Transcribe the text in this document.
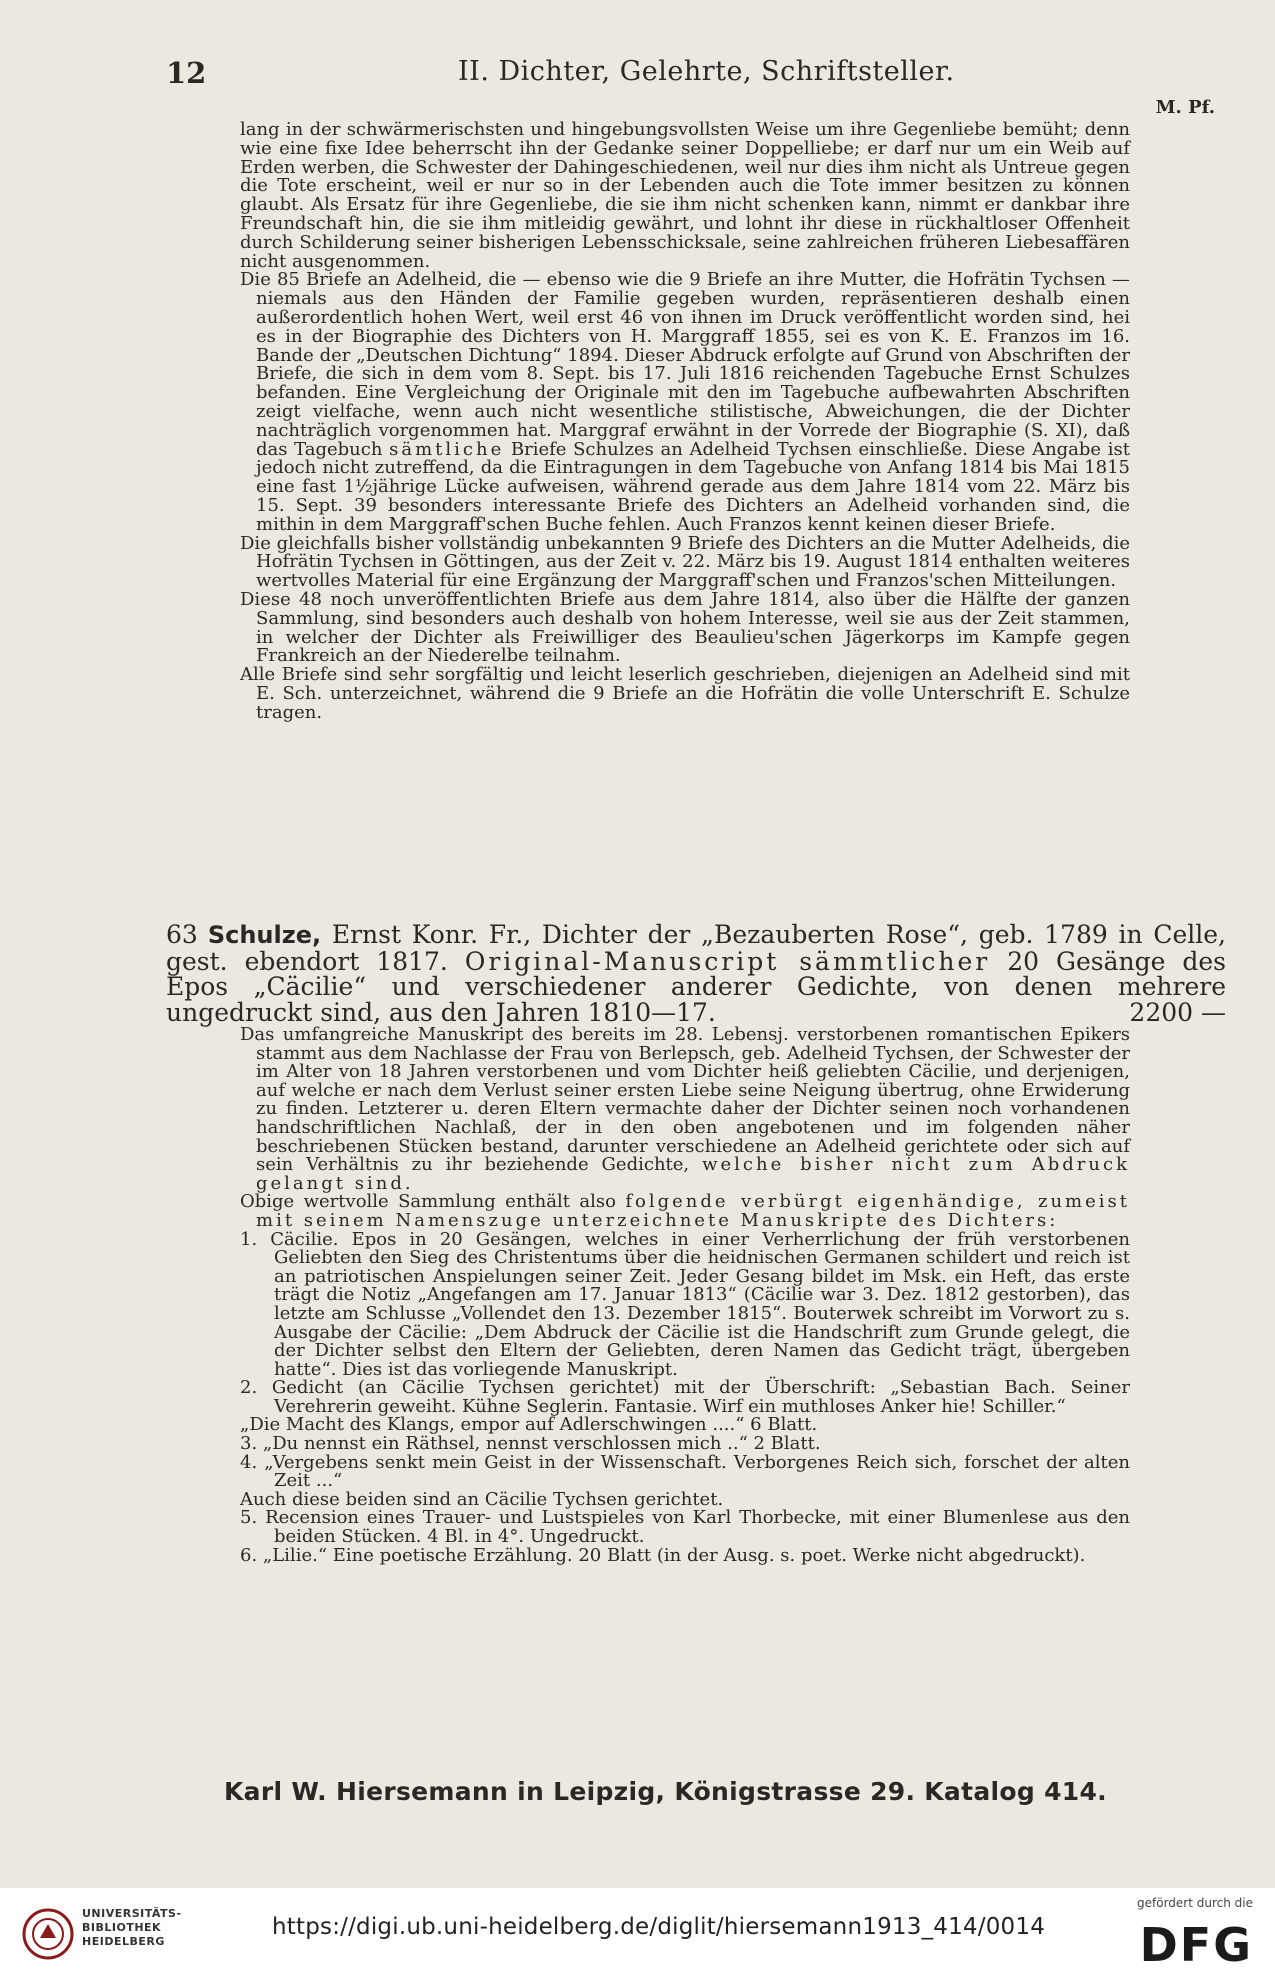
12	II. Dichter, Gelehrte, Schriftsteller.
M. Pf.

lang in der schwärmerischsten und hingebungsvollsten Weise um ihre Gegenliebe bemüht; denn wie eine fixe Idee beherrscht ihn der Gedanke seiner Doppelliebe; er darf nur um ein Weib auf Erden werben, die Schwester der Dahingeschiedenen, weil nur dies ihm nicht als Untreue gegen die Tote erscheint, weil er nur so in der Lebenden auch die Tote immer besitzen zu können glaubt. Als Ersatz für ihre Gegenliebe, die sie ihm nicht schenken kann, nimmt er dankbar ihre Freundschaft hin, die sie ihm mitleidig gewährt, und lohnt ihr diese in rückhaltloser Offenheit durch Schilderung seiner bisherigen Lebensschicksale, seine zahlreichen früheren Liebesaffären nicht ausgenommen.

Die 85 Briefe an Adelheid, die — ebenso wie die 9 Briefe an ihre Mutter, die Hofrätin Tychsen — niemals aus den Händen der Familie gegeben wurden, repräsentieren deshalb einen außerordentlich hohen Wert, weil erst 46 von ihnen im Druck veröffentlicht worden sind, hei es in der Biographie des Dichters von H. Marggraff 1855, sei es von K. E. Franzos im 16. Bande der „Deutschen Dichtung“ 1894. Dieser Abdruck erfolgte auf Grund von Abschriften der Briefe, die sich in dem vom 8. Sept. bis 17. Juli 1816 reichenden Tagebuche Ernst Schulzes befanden. Eine Vergleichung der Originale mit den im Tagebuche aufbewahrten Abschriften zeigt vielfache, wenn auch nicht wesentliche stilistische, Abweichungen, die der Dichter nachträglich vorgenommen hat. Marggraf erwähnt in der Vorrede der Biographie (S. XI), daß das Tagebuch sämtliche Briefe Schulzes an Adelheid Tychsen einschließe. Diese Angabe ist jedoch nicht zutreffend, da die Eintragungen in dem Tagebuche von Anfang 1814 bis Mai 1815 eine fast 1½jährige Lücke aufweisen, während gerade aus dem Jahre 1814 vom 22. März bis 15. Sept. 39 besonders interessante Briefe des Dichters an Adelheid vorhanden sind, die mithin in dem Marggraff'schen Buche fehlen. Auch Franzos kennt keinen dieser Briefe.

Die gleichfalls bisher vollständig unbekannten 9 Briefe des Dichters an die Mutter Adelheids, die Hofrätin Tychsen in Göttingen, aus der Zeit v. 22. März bis 19. August 1814 enthalten weiteres wertvolles Material für eine Ergänzung der Marggraff'schen und Franzos'schen Mitteilungen.

Diese 48 noch unveröffentlichten Briefe aus dem Jahre 1814, also über die Hälfte der ganzen Sammlung, sind besonders auch deshalb von hohem Interesse, weil sie aus der Zeit stammen, in welcher der Dichter als Freiwilliger des Beaulieu'schen Jägerkorps im Kampfe gegen Frankreich an der Niederelbe teilnahm.

Alle Briefe sind sehr sorgfältig und leicht leserlich geschrieben, diejenigen an Adelheid sind mit E. Sch. unterzeichnet, während die 9 Briefe an die Hofrätin die volle Unterschrift E. Schulze tragen.

63 Schulze, Ernst Konr. Fr., Dichter der „Bezauberten Rose“, geb. 1789 in Celle, gest. ebendort 1817. Original-Manuscript sämmtlicher 20 Gesänge des Epos „Cäcilie“ und verschiedener anderer Gedichte, von denen mehrere ungedruckt sind, aus den Jahren 1810—17.	2200 —

Das umfangreiche Manuskript des bereits im 28. Lebensj. verstorbenen romantischen Epikers stammt aus dem Nachlasse der Frau von Berlepsch, geb. Adelheid Tychsen, der Schwester der im Alter von 18 Jahren verstorbenen und vom Dichter heiß geliebten Cäcilie, und derjenigen, auf welche er nach dem Verlust seiner ersten Liebe seine Neigung übertrug, ohne Erwiderung zu finden. Letzterer u. deren Eltern vermachte daher der Dichter seinen noch vorhandenen handschriftlichen Nachlaß, der in den oben angebotenen und im folgenden näher beschriebenen Stücken bestand, darunter verschiedene an Adelheid gerichtete oder sich auf sein Verhältnis zu ihr beziehende Gedichte, welche bisher nicht zum Abdruck gelangt sind.

Obige wertvolle Sammlung enthält also folgende verbürgt eigenhändige, zumeist mit seinem Namenszuge unterzeichnete Manuskripte des Dichters:

1. Cäcilie. Epos in 20 Gesängen, welches in einer Verherrlichung der früh verstorbenen Geliebten den Sieg des Christentums über die heidnischen Germanen schildert und reich ist an patriotischen Anspielungen seiner Zeit. Jeder Gesang bildet im Msk. ein Heft, das erste trägt die Notiz „Angefangen am 17. Januar 1813“ (Cäcilie war 3. Dez. 1812 gestorben), das letzte am Schlusse „Vollendet den 13. Dezember 1815“. Bouterwek schreibt im Vorwort zu s. Ausgabe der Cäcilie: „Dem Abdruck der Cäcilie ist die Handschrift zum Grunde gelegt, die der Dichter selbst den Eltern der Geliebten, deren Namen das Gedicht trägt, übergeben hatte“. Dies ist das vorliegende Manuskript.

2. Gedicht (an Cäcilie Tychsen gerichtet) mit der Überschrift: „Sebastian Bach. Seiner Verehrerin geweiht. Kühne Seglerin. Fantasie. Wirf ein muthloses Anker hie! Schiller.“

„Die Macht des Klangs, empor auf Adlerschwingen ....“ 6 Blatt.

3. „Du nennst ein Räthsel, nennst verschlossen mich ..“ 2 Blatt.

4. „Vergebens senkt mein Geist in der Wissenschaft. Verborgenes Reich sich, forschet der alten Zeit ...“

Auch diese beiden sind an Cäcilie Tychsen gerichtet.

5. Recension eines Trauer- und Lustspieles von Karl Thorbecke, mit einer Blumenlese aus den beiden Stücken. 4 Bl. in 4°. Ungedruckt.

6. „Lilie.“ Eine poetische Erzählung. 20 Blatt (in der Ausg. s. poet. Werke nicht abgedruckt).

Karl W. Hiersemann in Leipzig, Königstrasse 29. Katalog 414.
UNIVERSITÄTS-
BIBLIOTHEK
HEIDELBERG
https://digi.ub.uni-heidelberg.de/diglit/hiersemann1913_414/0014
gefördert durch die
DFG
